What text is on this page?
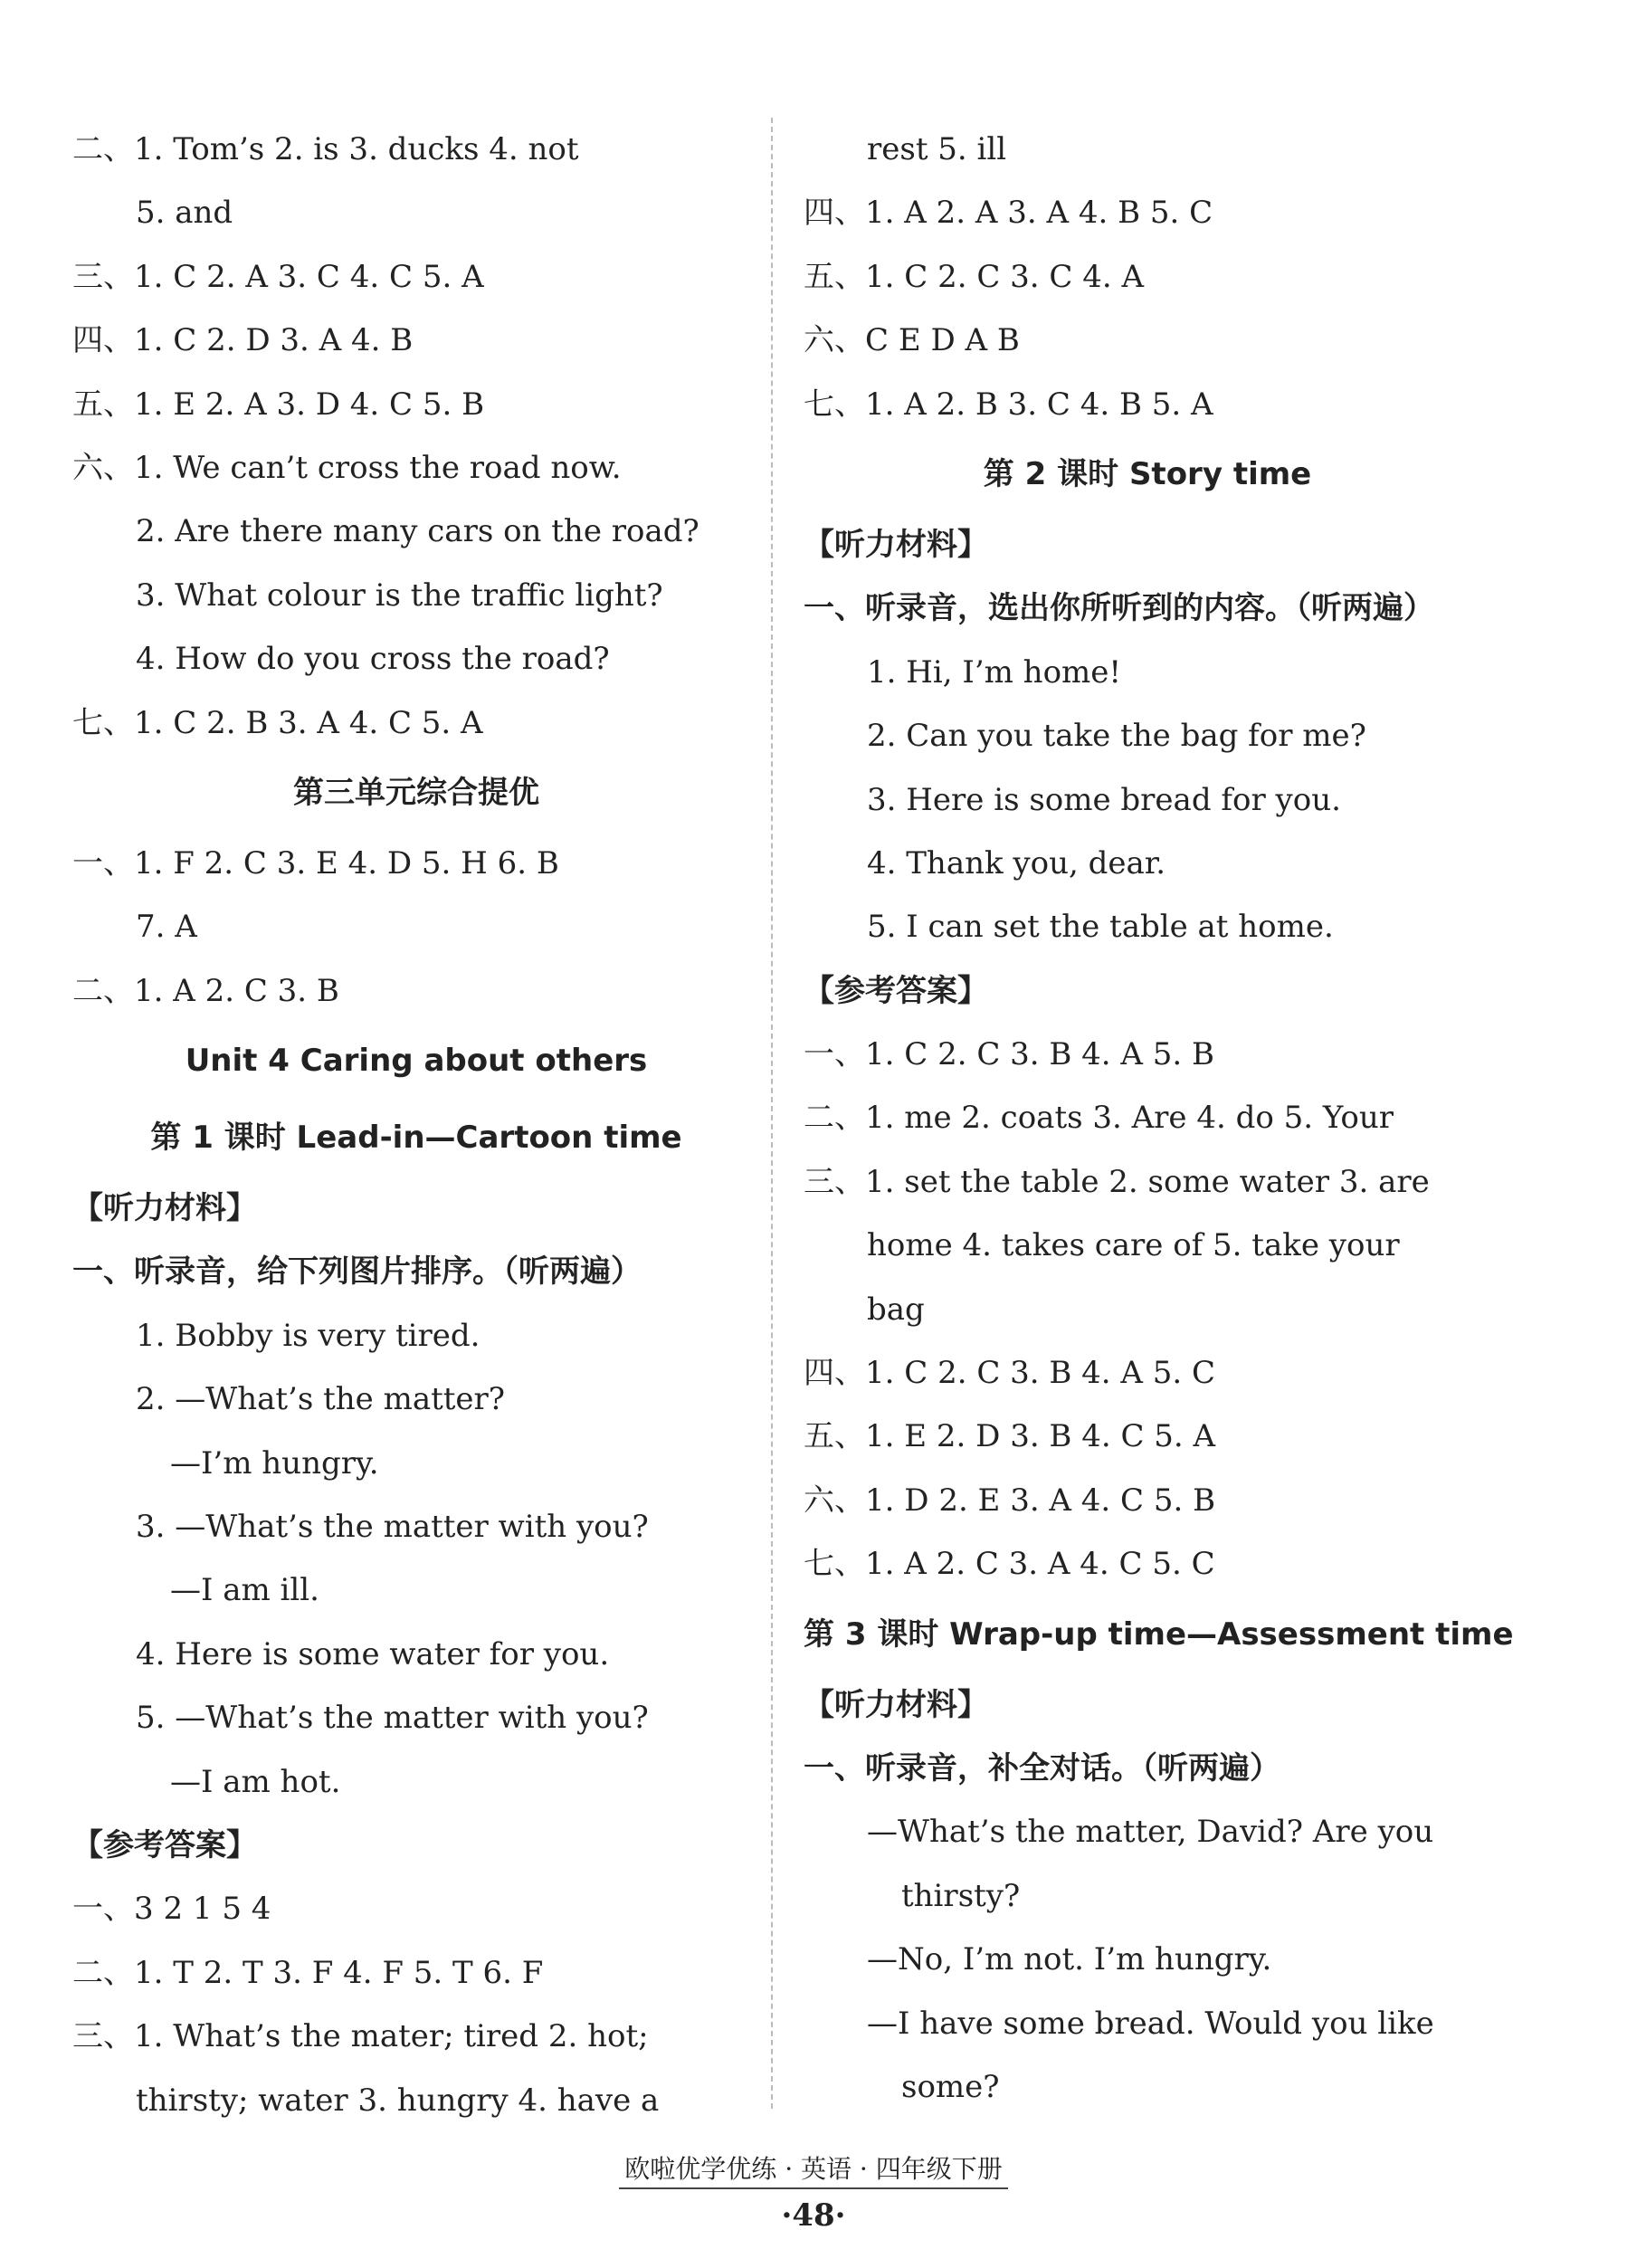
二、1. Tom’s 2. is 3. ducks 4. not
5. and
三、1. C 2. A 3. C 4. C 5. A
四、1. C 2. D 3. A 4. B
五、1. E 2. A 3. D 4. C 5. B
六、1. We can’t cross the road now.
2. Are there many cars on the road?
3. What colour is the traffic light?
4. How do you cross the road?
七、1. C 2. B 3. A 4. C 5. A
第三单元综合提优
一、1. F 2. C 3. E 4. D 5. H 6. B
7. A
二、1. A 2. C 3. B
Unit 4 Caring about others
第 1 课时 Lead-in—Cartoon time
【听力材料】
一、听录音，给下列图片排序。（听两遍）
1. Bobby is very tired.
2. —What’s the matter?
—I’m hungry.
3. —What’s the matter with you?
—I am ill.
4. Here is some water for you.
5. —What’s the matter with you?
—I am hot.
【参考答案】
一、3 2 1 5 4
二、1. T 2. T 3. F 4. F 5. T 6. F
三、1. What’s the mater; tired 2. hot;
thirsty; water 3. hungry 4. have a
rest 5. ill
四、1. A 2. A 3. A 4. B 5. C
五、1. C 2. C 3. C 4. A
六、C E D A B
七、1. A 2. B 3. C 4. B 5. A
第 2 课时 Story time
【听力材料】
一、听录音，选出你所听到的内容。（听两遍）
1. Hi, I’m home!
2. Can you take the bag for me?
3. Here is some bread for you.
4. Thank you, dear.
5. I can set the table at home.
【参考答案】
一、1. C 2. C 3. B 4. A 5. B
二、1. me 2. coats 3. Are 4. do 5. Your
三、1. set the table 2. some water 3. are
home 4. takes care of 5. take your
bag
四、1. C 2. C 3. B 4. A 5. C
五、1. E 2. D 3. B 4. C 5. A
六、1. D 2. E 3. A 4. C 5. B
七、1. A 2. C 3. A 4. C 5. C
第 3 课时 Wrap-up time—Assessment time
【听力材料】
一、听录音，补全对话。（听两遍）
—What’s the matter, David? Are you
thirsty?
—No, I’m not. I’m hungry.
—I have some bread. Would you like
some?
欧啦优学优练 · 英语 · 四年级下册
·48·
